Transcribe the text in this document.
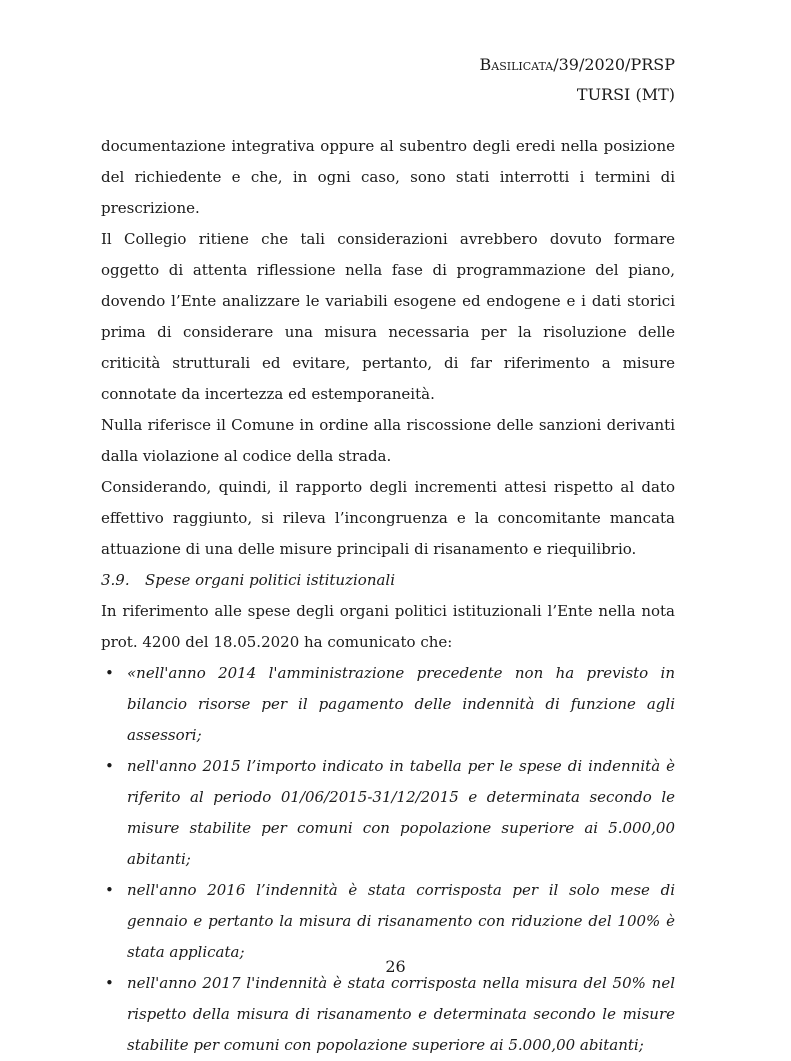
Basilicata/39/2020/PRSP
TURSI (MT)

documentazione integrativa oppure al subentro degli eredi nella posizione del richiedente e che, in ogni caso, sono stati interrotti i termini di prescrizione.

Il Collegio ritiene che tali considerazioni avrebbero dovuto formare oggetto di attenta riflessione nella fase di programmazione del piano, dovendo l’Ente analizzare le variabili esogene ed endogene e i dati storici prima di considerare una misura necessaria per la risoluzione delle criticità strutturali ed evitare, pertanto, di far riferimento a misure connotate da incertezza ed estemporaneità.

Nulla riferisce il Comune in ordine alla riscossione delle sanzioni derivanti dalla violazione al codice della strada.

Considerando, quindi, il rapporto degli incrementi attesi rispetto al dato effettivo raggiunto, si rileva l’incongruenza e la concomitante mancata attuazione di una delle misure principali di risanamento e riequilibrio.

3.9. Spese organi politici istituzionali

In riferimento alle spese degli organi politici istituzionali l’Ente nella nota prot. 4200 del 18.05.2020 ha comunicato che:

• «nell'anno 2014 l'amministrazione precedente non ha previsto in bilancio risorse per il pagamento delle indennità di funzione agli assessori;
• nell'anno 2015 l’importo indicato in tabella per le spese di indennità è riferito al periodo 01/06/2015-31/12/2015 e determinata secondo le misure stabilite per comuni con popolazione superiore ai 5.000,00 abitanti;
• nell'anno 2016 l’indennità è stata corrisposta per il solo mese di gennaio e pertanto la misura di risanamento con riduzione del 100% è stata applicata;
• nell'anno 2017 l'indennità è stata corrisposta nella misura del 50% nel rispetto della misura di risanamento e determinata secondo le misure stabilite per comuni con popolazione superiore ai 5.000,00 abitanti;
26
